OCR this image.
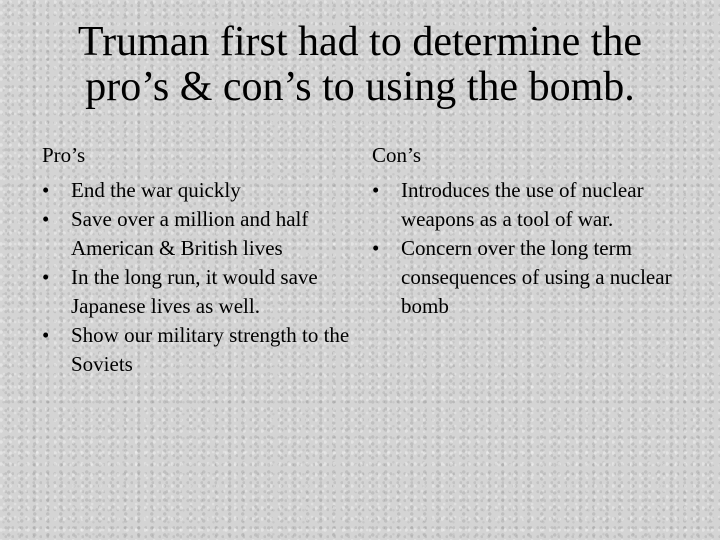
Truman first had to determine the
pro’s & con’s to using the bomb.
Pro’s
• End the war quickly
• Save over a million and half American & British lives
• In the long run, it would save Japanese lives as well.
• Show our military strength to the Soviets
Con’s
• Introduces the use of nuclear weapons as a tool of war.
• Concern over the long term consequences of using a nuclear bomb
